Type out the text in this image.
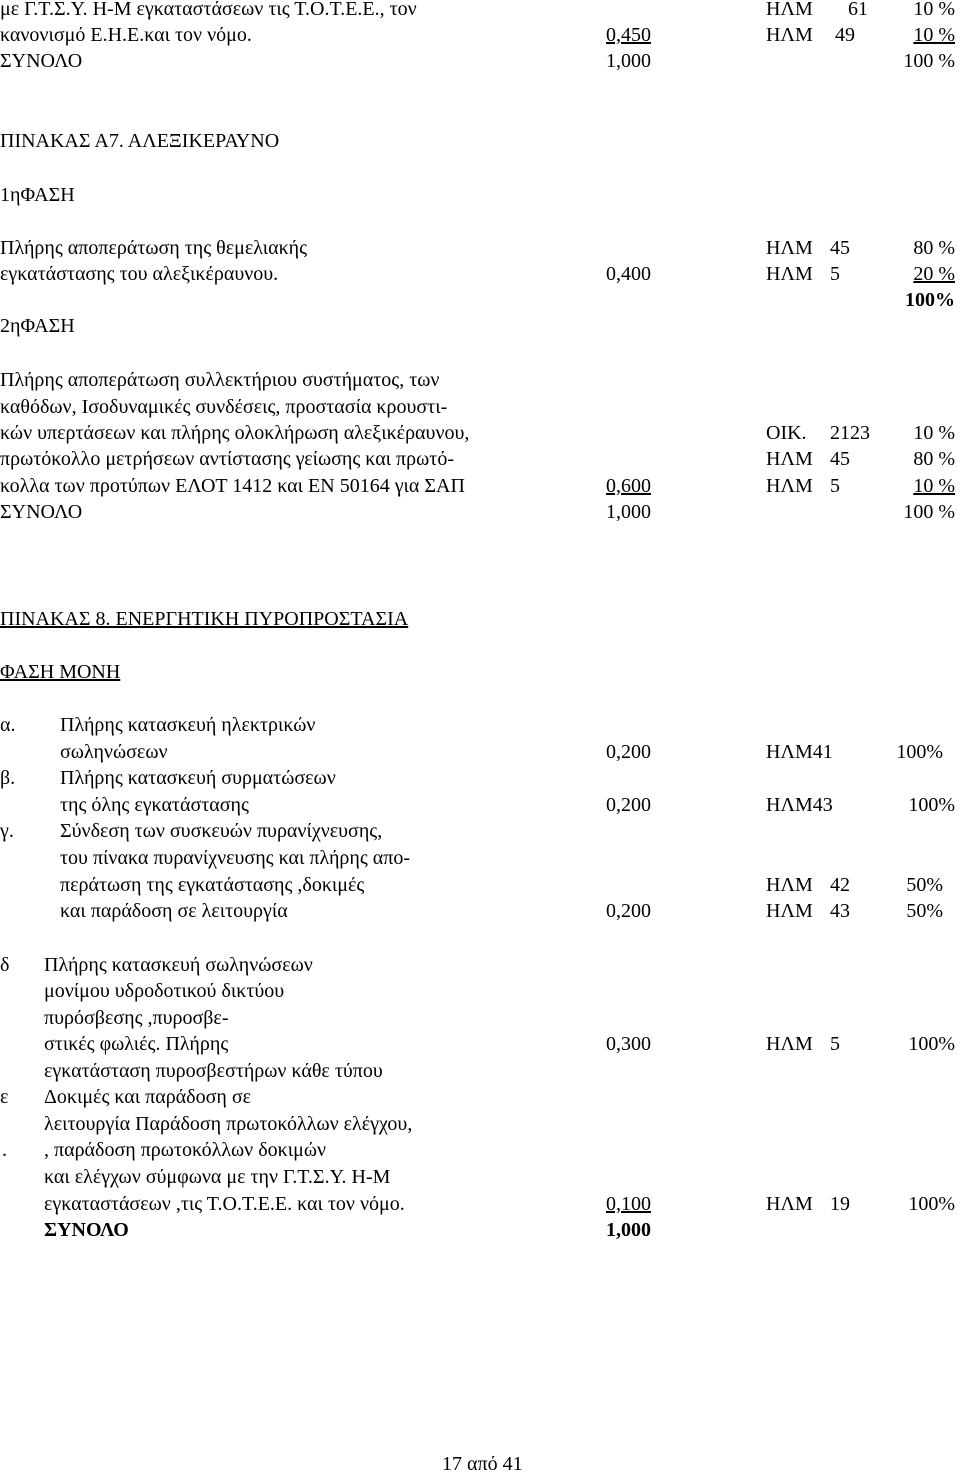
με Γ.Τ.Σ.Υ. Η-Μ εγκαταστάσεων τις Τ.Ο.Τ.Ε.Ε., τον	ΗΛΜ	61	10 %
κανονισμό Ε.Η.Ε.και τον νόμο.	0,450	ΗΛΜ 49	10 %
ΣΥΝΟΛΟ	1,000	100 %
ΠΙΝΑΚΑΣ Α7. ΑΛΕΞΙΚΕΡΑΥΝΟ
1ηΦΑΣΗ
Πλήρης αποπεράτωση της θεμελιακής	ΗΛΜ 45	80 %
εγκατάστασης του αλεξικέραυνου.	0,400	ΗΛΜ 5	20 %
100%
2ηΦΑΣΗ
Πλήρης αποπεράτωση συλλεκτήριου συστήματος, των
καθόδων, Ισοδυναμικές συνδέσεις, προστασία κρουστι-
κών υπερτάσεων και πλήρης ολοκλήρωση αλεξικέραυνου,	ΟΙΚ. 2123	10 %
πρωτόκολλο μετρήσεων αντίστασης γείωσης και πρωτό-	ΗΛΜ 45	80 %
κολλα των προτύπων ΕΛΟΤ 1412 και ΕΝ 50164 για ΣΑΠ	0,600	ΗΛΜ 5	10 %
ΣΥΝΟΛΟ	1,000	100 %
ΠΙΝΑΚΑΣ 8. ΕΝΕΡΓΗΤΙΚΗ ΠΥΡΟΠΡΟΣΤΑΣΙΑ
ΦΑΣΗ ΜΟΝΗ
α. Πλήρης κατασκευή ηλεκτρικών
σωληνώσεων	0,200	ΗΛΜ41	100%
β. Πλήρης κατασκευή συρματώσεων
της όλης εγκατάστασης	0,200	ΗΛΜ43	100%
γ. Σύνδεση των συσκευών πυρανίχνευσης,
του πίνακα πυρανίχνευσης και πλήρης απο-
περάτωση της εγκατάστασης ,δοκιμές	ΗΛΜ 42	50%
και παράδοση σε λειτουργία	0,200	ΗΛΜ 43	50%
δ Πλήρης κατασκευή σωληνώσεων
μονίμου υδροδοτικού δικτύου
πυρόσβεσης ,πυροσβε-
στικές φωλιές. Πλήρης	0,300	ΗΛΜ 5	100%
εγκατάσταση πυροσβεστήρων κάθε τύπου
ε Δοκιμές και παράδοση σε
λειτουργία Παράδοση πρωτοκόλλων ελέγχου,
. , παράδοση πρωτοκόλλων δοκιμών
και ελέγχων σύμφωνα με την Γ.Τ.Σ.Υ. Η-Μ
εγκαταστάσεων ,τις Τ.Ο.Τ.Ε.Ε. και τον νόμο.	0,100	ΗΛΜ 19	100%
ΣΥΝΟΛΟ	1,000
17 από 41
